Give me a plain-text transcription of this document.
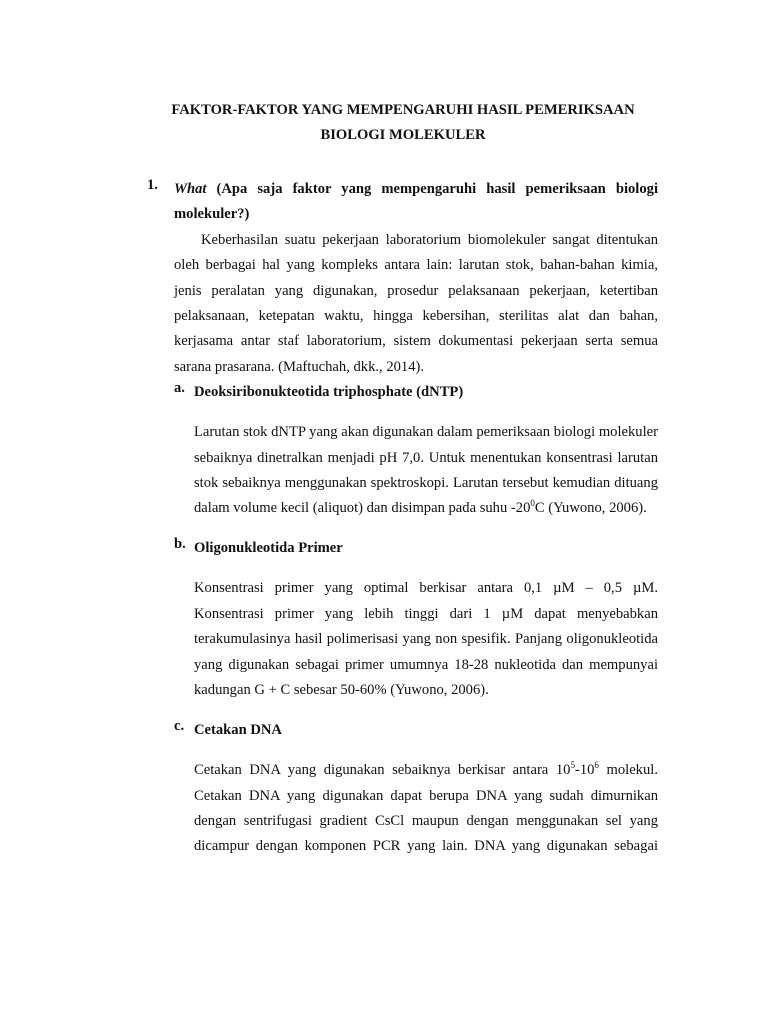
FAKTOR-FAKTOR YANG MEMPENGARUHI HASIL PEMERIKSAAN
BIOLOGI MOLEKULER
1. What (Apa saja faktor yang mempengaruhi hasil pemeriksaan biologi molekuler?)

Keberhasilan suatu pekerjaan laboratorium biomolekuler sangat ditentukan oleh berbagai hal yang kompleks antara lain: larutan stok, bahan-bahan kimia, jenis peralatan yang digunakan, prosedur pelaksanaan pekerjaan, ketertiban pelaksanaan, ketepatan waktu, hingga kebersihan, sterilitas alat dan bahan, kerjasama antar staf laboratorium, sistem dokumentasi pekerjaan serta semua sarana prasarana. (Maftuchah, dkk., 2014).

a. Deoksiribonukteotida triphosphate (dNTP)

Larutan stok dNTP yang akan digunakan dalam pemeriksaan biologi molekuler sebaiknya dinetralkan menjadi pH 7,0. Untuk menentukan konsentrasi larutan stok sebaiknya menggunakan spektroskopi. Larutan tersebut kemudian dituang dalam volume kecil (aliquot) dan disimpan pada suhu $-20^0C$ (Yuwono, 2006).

b. Oligonukleotida Primer

Konsentrasi primer yang optimal berkisar antara 0,1 µM – 0,5 µM. Konsentrasi primer yang lebih tinggi dari 1 µM dapat menyebabkan terakumulasinya hasil polimerisasi yang non spesifik. Panjang oligonukleotida yang digunakan sebagai primer umumnya 18-28 nukleotida dan mempunyai kadungan G + C sebesar 50-60% (Yuwono, 2006).

c. Cetakan DNA

Cetakan DNA yang digunakan sebaiknya berkisar antara $10^5-10^6$ molekul. Cetakan DNA yang digunakan dapat berupa DNA yang sudah dimurnikan dengan sentrifugasi gradient CsCl maupun dengan menggunakan sel yang dicampur dengan komponen PCR yang lain. DNA yang digunakan sebagai
